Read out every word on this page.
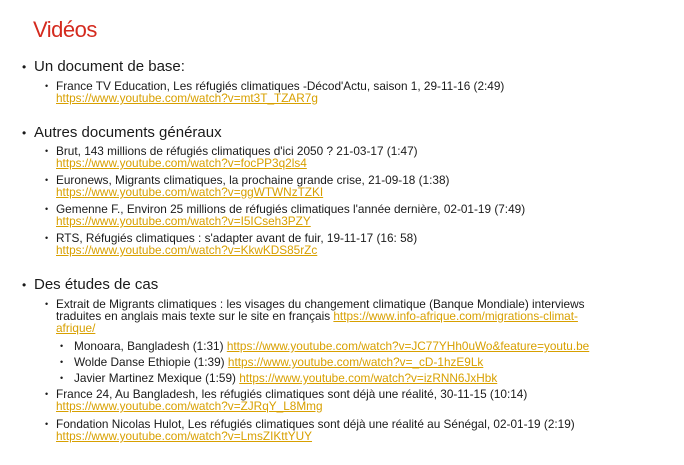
Vidéos
• Un document de base:
• France TV Education, Les réfugiés climatiques -Décod'Actu, saison 1, 29-11-16 (2:49)
https://www.youtube.com/watch?v=mt3T_TZAR7g
• Autres documents généraux
• Brut, 143 millions de réfugiés climatiques d'ici 2050 ? 21-03-17 (1:47)
https://www.youtube.com/watch?v=focPP3q2ls4
• Euronews, Migrants climatiques, la prochaine grande crise, 21-09-18 (1:38)
https://www.youtube.com/watch?v=ggWTWNzTZKI
• Gemenne F., Environ 25 millions de réfugiés climatiques l'année dernière, 02-01-19 (7:49)
https://www.youtube.com/watch?v=I5ICseh3PZY
• RTS, Réfugiés climatiques : s'adapter avant de fuir, 19-11-17 (16: 58)
https://www.youtube.com/watch?v=KkwKDS85rZc
• Des études de cas
• Extrait de Migrants climatiques : les visages du changement climatique (Banque Mondiale) interviews
traduites en anglais mais texte sur le site en français https://www.info-afrique.com/migrations-climat-
afrique/
• Monoara, Bangladesh (1:31) https://www.youtube.com/watch?v=JC77YHh0uWo&feature=youtu.be
• Wolde Danse Ethiopie (1:39) https://www.youtube.com/watch?v=_cD-1hzE9Lk
• Javier Martinez Mexique (1:59) https://www.youtube.com/watch?v=izRNN6JxHbk
• France 24, Au Bangladesh, les réfugiés climatiques sont déjà une réalité, 30-11-15 (10:14)
https://www.youtube.com/watch?v=ZJRqY_L8Mmg
• Fondation Nicolas Hulot, Les réfugiés climatiques sont déjà une réalité au Sénégal, 02-01-19 (2:19)
https://www.youtube.com/watch?v=LmsZIKttYUY
